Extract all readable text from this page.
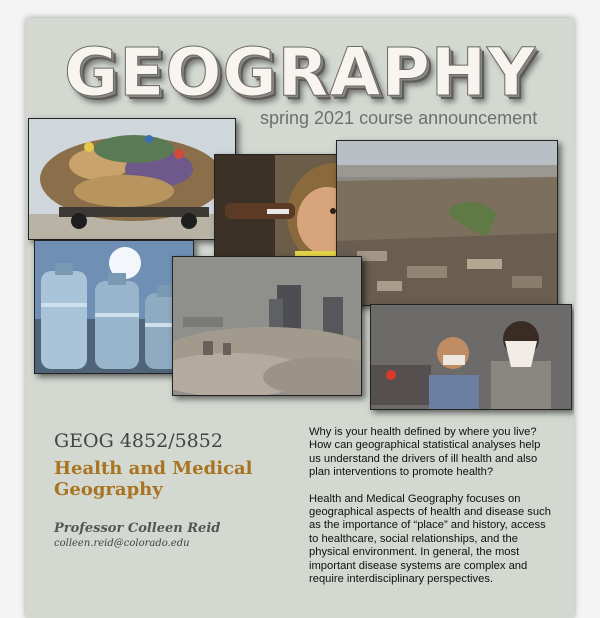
GEOGRAPHY
spring 2021 course announcement
GEOG 4852/5852
Health and Medical Geography
Professor Colleen Reid
colleen.reid@colorado.edu

Why is your health defined by where you live? How can geographical statistical analyses help us understand the drivers of ill health and also plan interventions to promote health?

Health and Medical Geography focuses on geographical aspects of health and disease such as the importance of “place” and history, access to healthcare, social relationships, and the physical environment. In general, the most important disease systems are complex and require interdisciplinary perspectives.
